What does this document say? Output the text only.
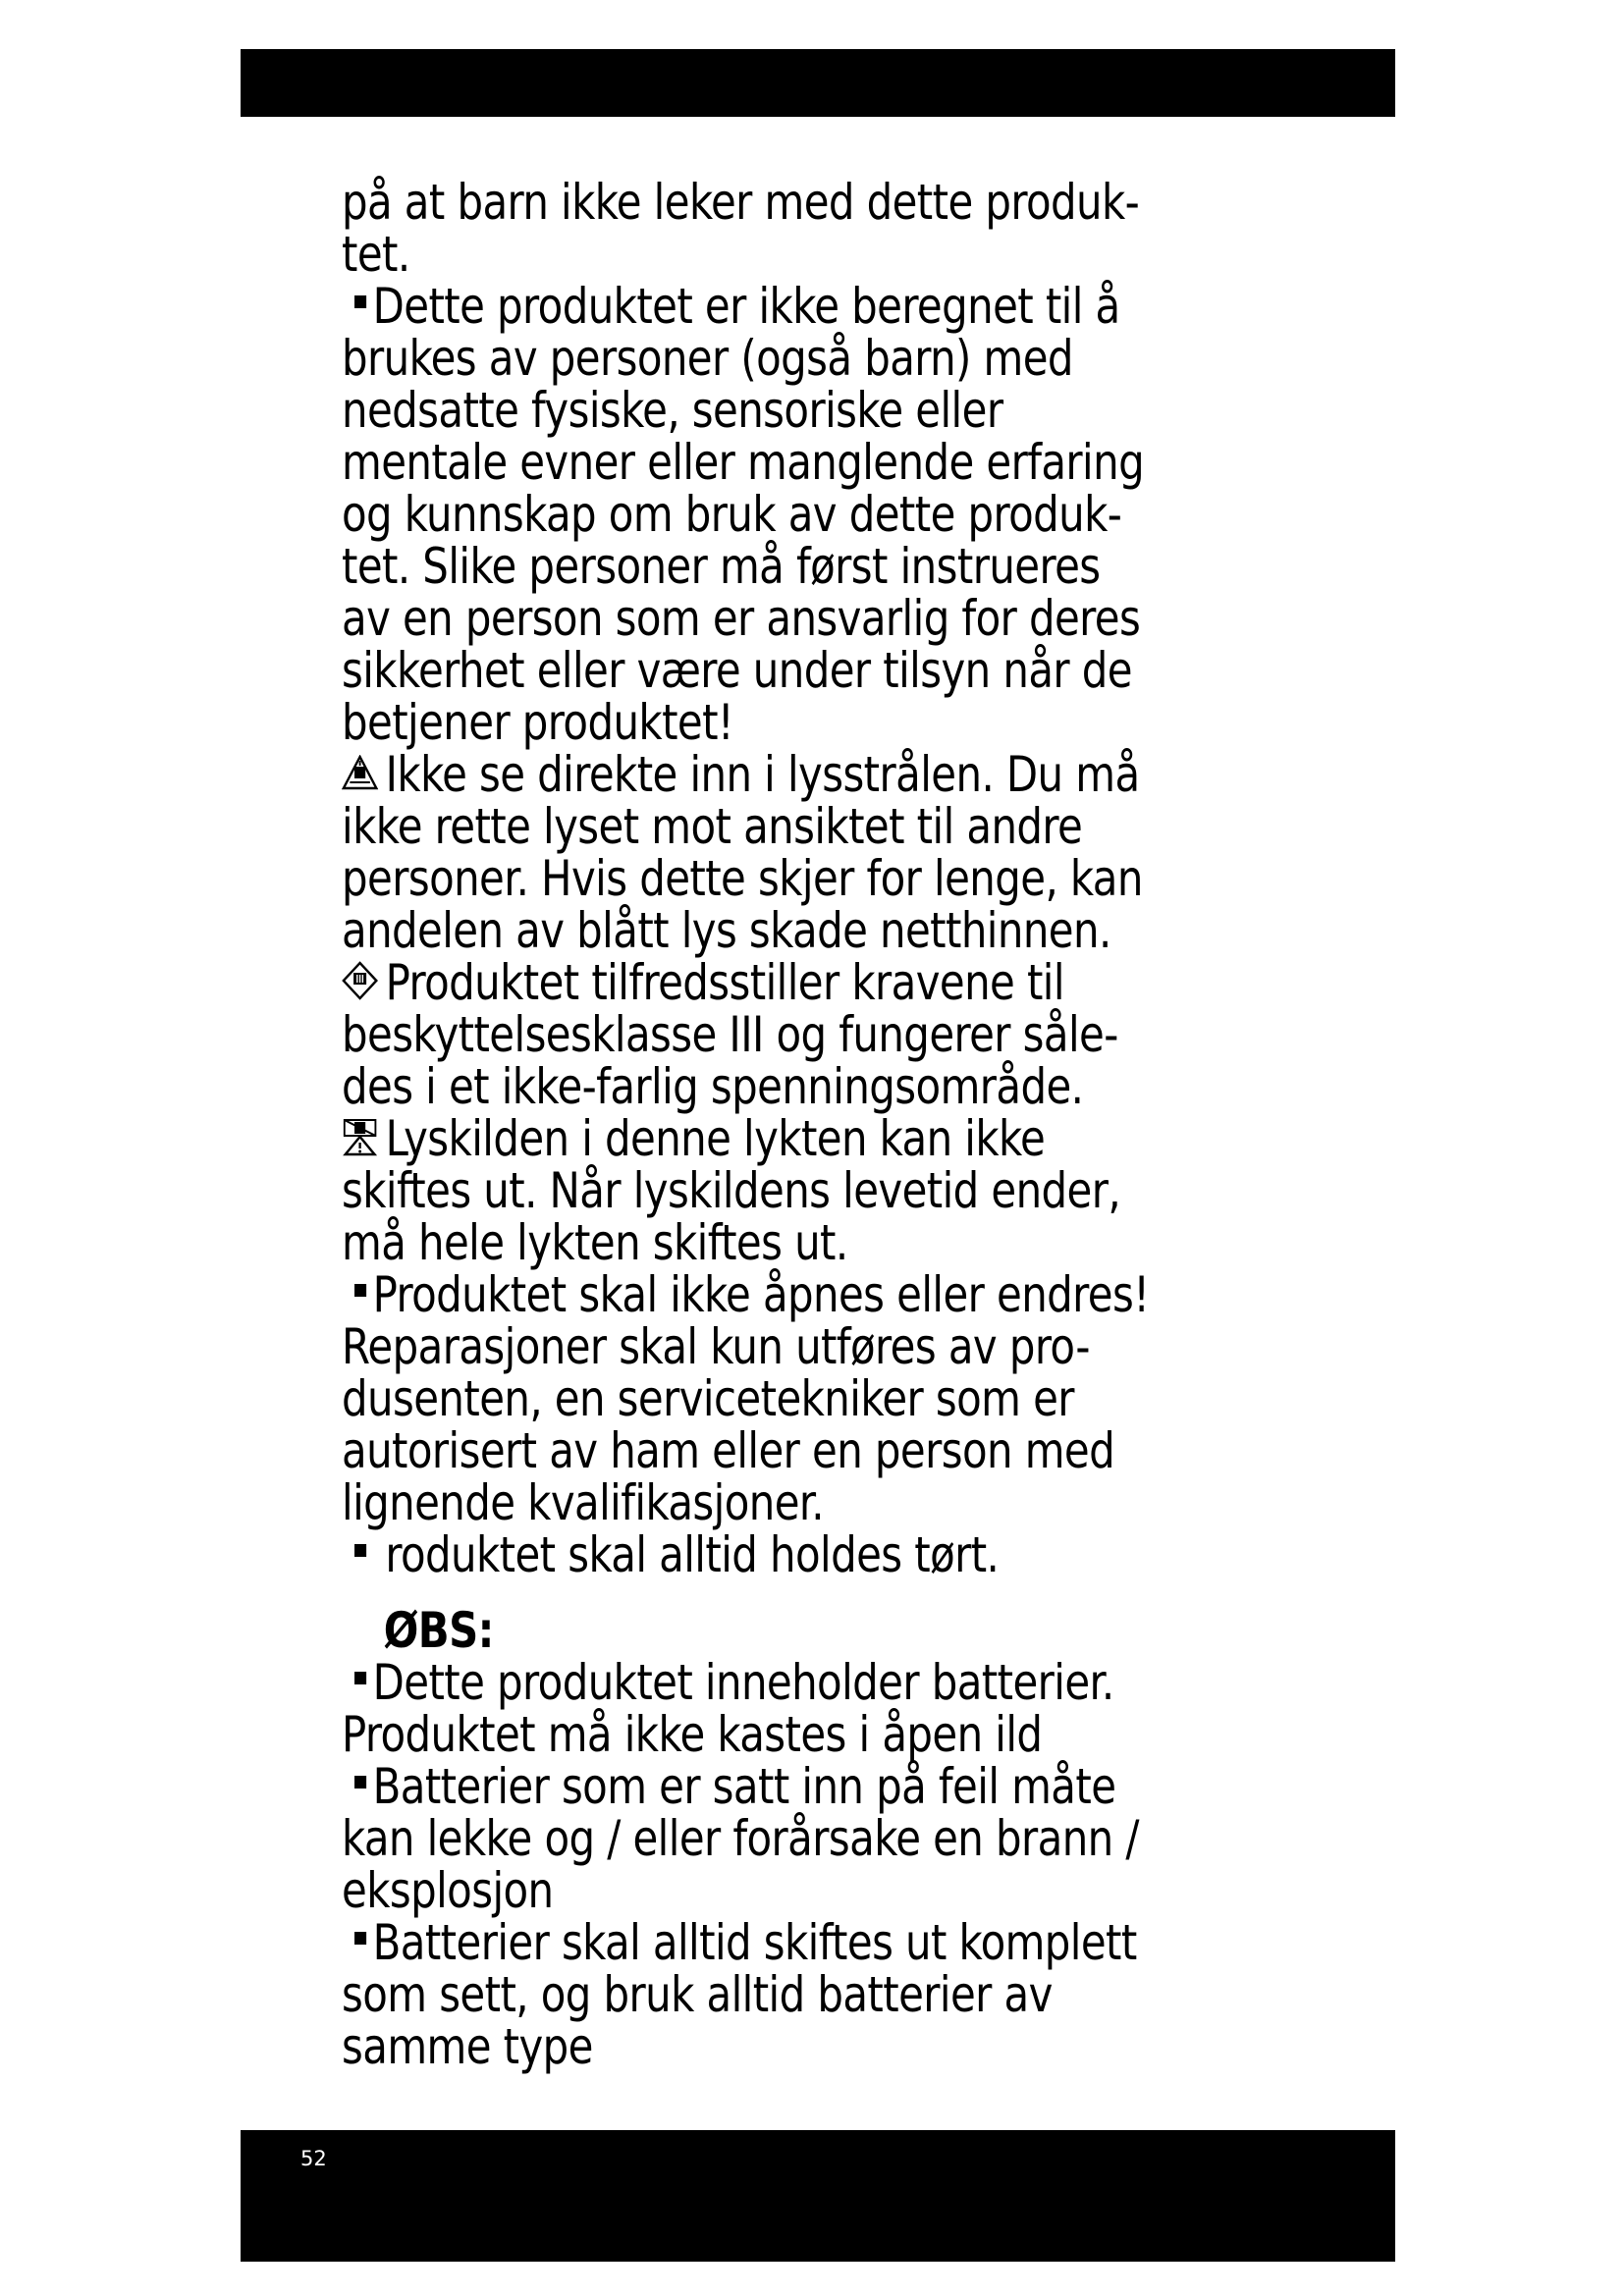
på at barn ikke leker med dette produk-
tet.
Dette produktet er ikke beregnet til å
brukes av personer (også barn) med
nedsatte fysiske, sensoriske eller
mentale evner eller manglende erfaring
og kunnskap om bruk av dette produk-
tet. Slike personer må først instrueres
av en person som er ansvarlig for deres
sikkerhet eller være under tilsyn når de
betjener produktet!
Ikke se direkte inn i lysstrålen. Du må
ikke rette lyset mot ansiktet til andre
personer. Hvis dette skjer for lenge, kan
andelen av blått lys skade netthinnen.
Produktet tilfredsstiller kravene til
beskyttelsesklasse III og fungerer såle-
des i et ikke-farlig spenningsområde.
Lyskilden i denne lykten kan ikke
skiftes ut. Når lyskildens levetid ender,
må hele lykten skiftes ut.
Produktet skal ikke åpnes eller endres!
Reparasjoner skal kun utføres av pro-
dusenten, en servicetekniker som er
autorisert av ham eller en person med
lignende kvalifikasjoner.
roduktet skal alltid holdes tørt.
ØBS:
Dette produktet inneholder batterier.
Produktet må ikke kastes i åpen ild
Batterier som er satt inn på feil måte
kan lekke og / eller forårsake en brann /
eksplosjon
Batterier skal alltid skiftes ut komplett
som sett, og bruk alltid batterier av
samme type
52
